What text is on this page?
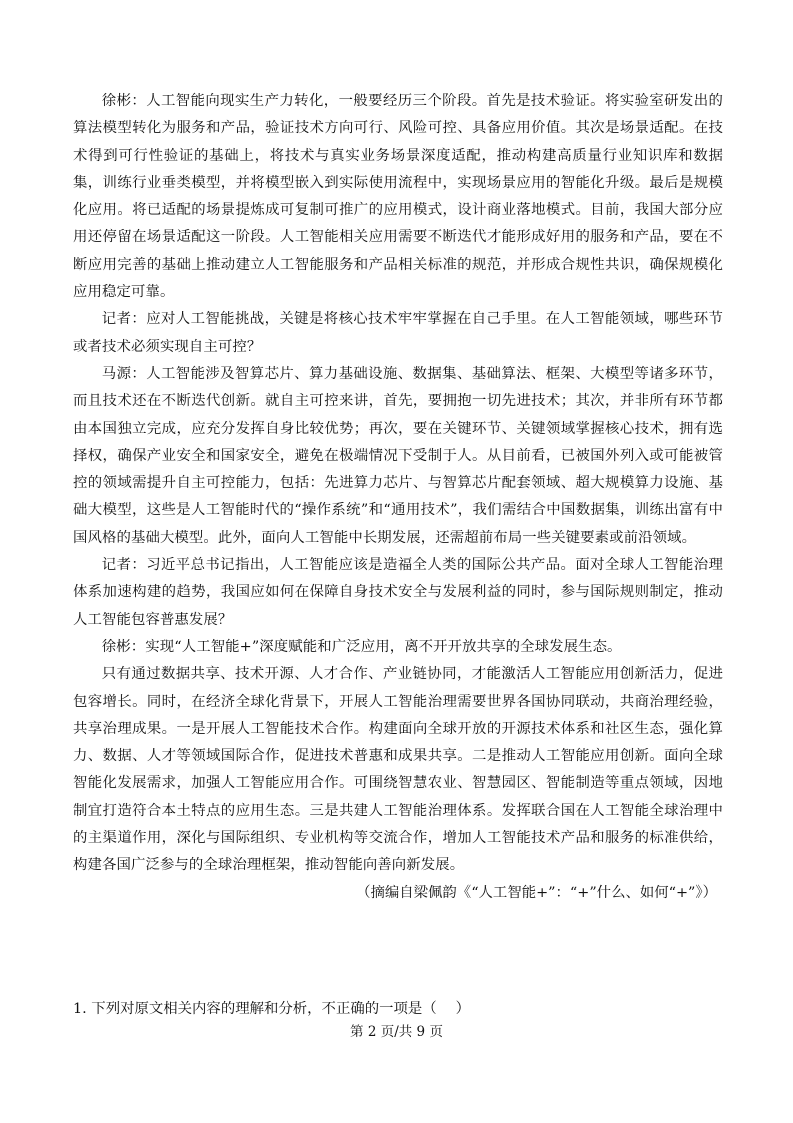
徐彬：人工智能向现实生产力转化，一般要经历三个阶段。首先是技术验证。将实验室研发出的算法模型转化为服务和产品，验证技术方向可行、风险可控、具备应用价值。其次是场景适配。在技术得到可行性验证的基础上，将技术与真实业务场景深度适配，推动构建高质量行业知识库和数据集，训练行业垂类模型，并将模型嵌入到实际使用流程中，实现场景应用的智能化升级。最后是规模化应用。将已适配的场景提炼成可复制可推广的应用模式，设计商业落地模式。目前，我国大部分应用还停留在场景适配这一阶段。人工智能相关应用需要不断迭代才能形成好用的服务和产品，要在不断应用完善的基础上推动建立人工智能服务和产品相关标准的规范，并形成合规性共识，确保规模化应用稳定可靠。

记者：应对人工智能挑战，关键是将核心技术牢牢掌握在自己手里。在人工智能领域，哪些环节或者技术必须实现自主可控？

马源：人工智能涉及智算芯片、算力基础设施、数据集、基础算法、框架、大模型等诸多环节，而且技术还在不断迭代创新。就自主可控来讲，首先，要拥抱一切先进技术；其次，并非所有环节都由本国独立完成，应充分发挥自身比较优势；再次，要在关键环节、关键领域掌握核心技术，拥有选择权，确保产业安全和国家安全，避免在极端情况下受制于人。从目前看，已被国外列入或可能被管控的领域需提升自主可控能力，包括：先进算力芯片、与智算芯片配套领域、超大规模算力设施、基础大模型，这些是人工智能时代的“操作系统”和“通用技术”，我们需结合中国数据集，训练出富有中国风格的基础大模型。此外，面向人工智能中长期发展，还需超前布局一些关键要素或前沿领域。

记者：习近平总书记指出，人工智能应该是造福全人类的国际公共产品。面对全球人工智能治理体系加速构建的趋势，我国应如何在保障自身技术安全与发展利益的同时，参与国际规则制定，推动人工智能包容普惠发展？

徐彬：实现“人工智能+”深度赋能和广泛应用，离不开开放共享的全球发展生态。

只有通过数据共享、技术开源、人才合作、产业链协同，才能激活人工智能应用创新活力，促进包容增长。同时，在经济全球化背景下，开展人工智能治理需要世界各国协同联动，共商治理经验，共享治理成果。一是开展人工智能技术合作。构建面向全球开放的开源技术体系和社区生态，强化算力、数据、人才等领域国际合作，促进技术普惠和成果共享。二是推动人工智能应用创新。面向全球智能化发展需求，加强人工智能应用合作。可围绕智慧农业、智慧园区、智能制造等重点领域，因地制宜打造符合本土特点的应用生态。三是共建人工智能治理体系。发挥联合国在人工智能全球治理中的主渠道作用，深化与国际组织、专业机构等交流合作，增加人工智能技术产品和服务的标准供给，构建各国广泛参与的全球治理框架，推动智能向善向新发展。

（摘编自梁佩韵《“人工智能+”：“+”什么、如何“+”》）

1. 下列对原文相关内容的理解和分析，不正确的一项是（　 ）

第 2 页/共 9 页
